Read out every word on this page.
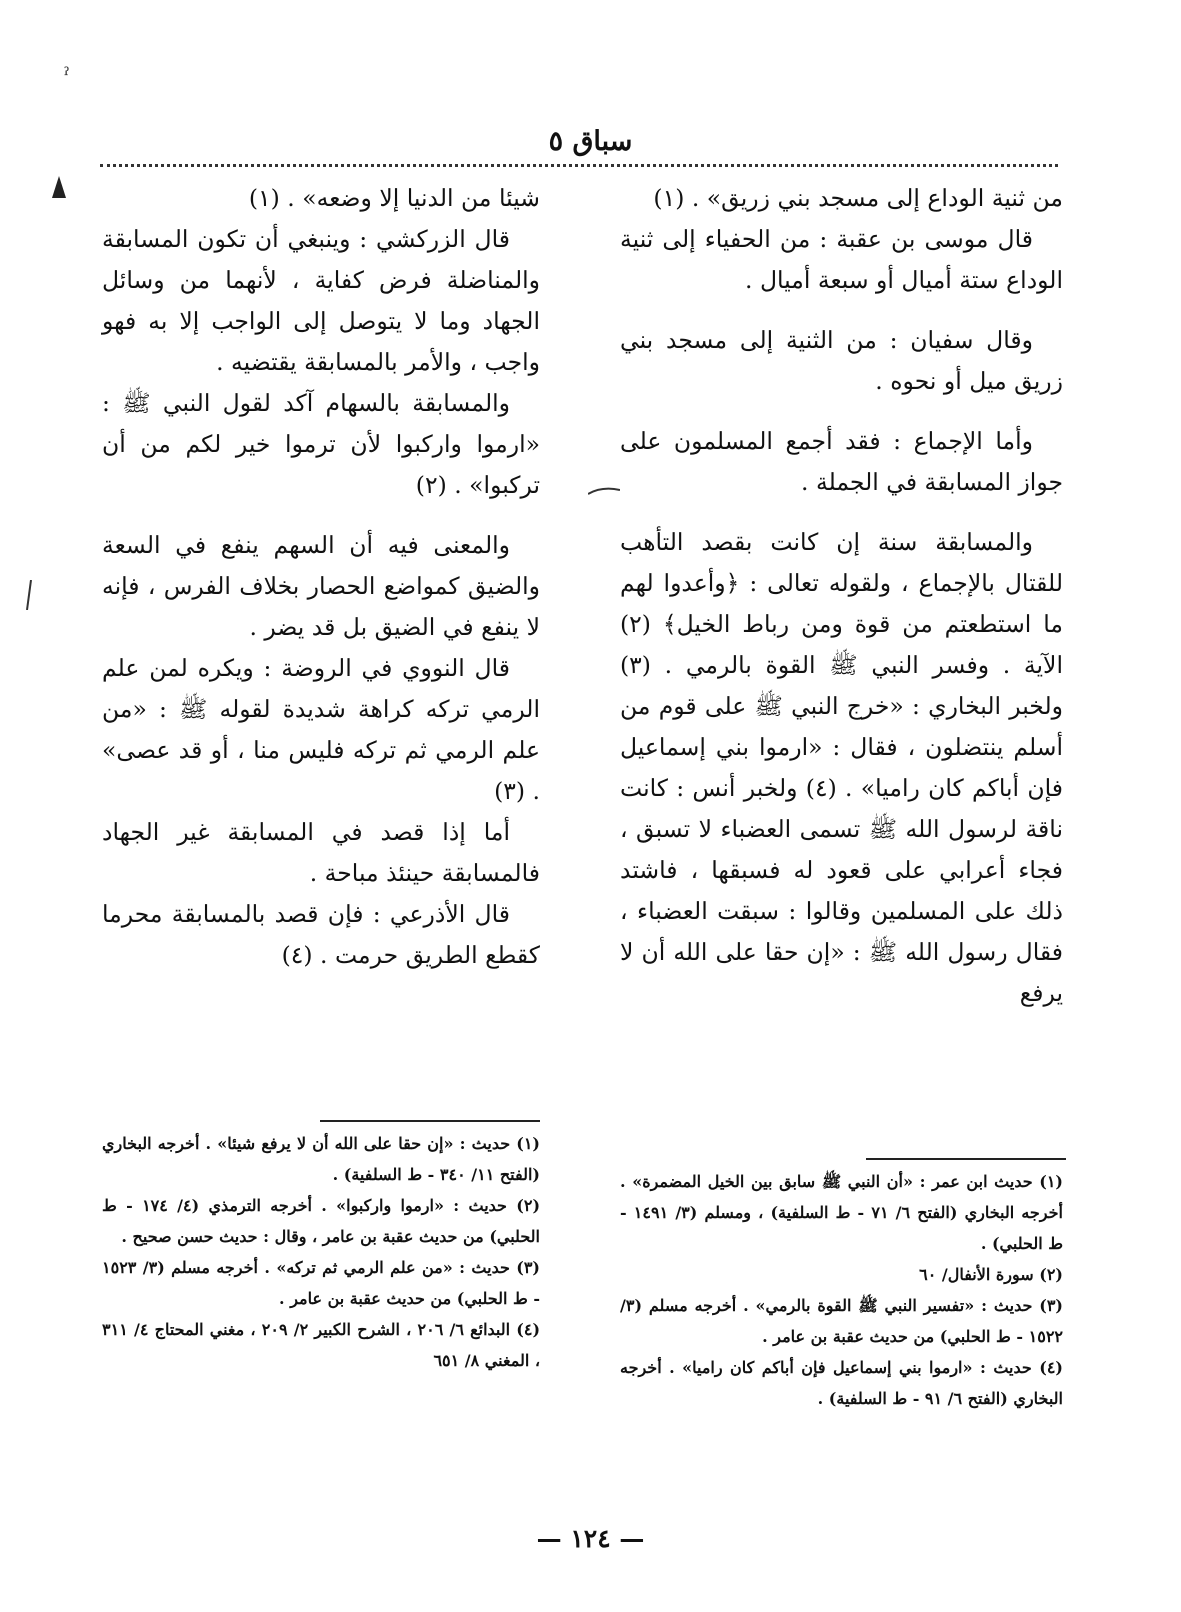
ˀ
سباق ٥

من ثنية الوداع إلى مسجد بني زريق» . (١)

قال موسى بن عقبة : من الحفياء إلى ثنية الوداع ستة أميال أو سبعة أميال .

وقال سفيان : من الثنية إلى مسجد بني زريق ميل أو نحوه .

وأما الإجماع : فقد أجمع المسلمون على جواز المسابقة في الجملة .

والمسابقة سنة إن كانت بقصد التأهب للقتال بالإجماع ، ولقوله تعالى : ﴿وأعدوا لهم ما استطعتم من قوة ومن رباط الخيل﴾ (٢) الآية . وفسر النبي ﷺ القوة بالرمي . (٣) ولخبر البخاري : «خرج النبي ﷺ على قوم من أسلم ينتضلون ، فقال : «ارموا بني إسماعيل فإن أباكم كان راميا» . (٤) ولخبر أنس : كانت ناقة لرسول الله ﷺ تسمى العضباء لا تسبق ، فجاء أعرابي على قعود له فسبقها ، فاشتد ذلك على المسلمين وقالوا : سبقت العضباء ، فقال رسول الله ﷺ : «إن حقا على الله أن لا يرفع

شيئا من الدنيا إلا وضعه» . (١)

قال الزركشي : وينبغي أن تكون المسابقة والمناضلة فرض كفاية ، لأنهما من وسائل الجهاد وما لا يتوصل إلى الواجب إلا به فهو واجب ، والأمر بالمسابقة يقتضيه .

والمسابقة بالسهام آكد لقول النبي ﷺ : «ارموا واركبوا لأن ترموا خير لكم من أن تركبوا» . (٢)

والمعنى فيه أن السهم ينفع في السعة والضيق كمواضع الحصار بخلاف الفرس ، فإنه لا ينفع في الضيق بل قد يضر .

قال النووي في الروضة : ويكره لمن علم الرمي تركه كراهة شديدة لقوله ﷺ : «من علم الرمي ثم تركه فليس منا ، أو قد عصى» . (٣)

أما إذا قصد في المسابقة غير الجهاد فالمسابقة حينئذ مباحة .

قال الأذرعي : فإن قصد بالمسابقة محرما كقطع الطريق حرمت . (٤)

(١) حديث ابن عمر : «أن النبي ﷺ سابق بين الخيل المضمرة» . أخرجه البخاري (الفتح ٦/ ٧١ - ط السلفية) ، ومسلم (٣/ ١٤٩١ - ط الحلبي) .
(٢) سورة الأنفال/ ٦٠
(٣) حديث : «تفسير النبي ﷺ القوة بالرمي» . أخرجه مسلم (٣/ ١٥٢٢ - ط الحلبي) من حديث عقبة بن عامر .
(٤) حديث : «ارموا بني إسماعيل فإن أباكم كان راميا» . أخرجه البخاري (الفتح ٦/ ٩١ - ط السلفية) .
(١) حديث : «إن حقا على الله أن لا يرفع شيئا» . أخرجه البخاري (الفتح ١١/ ٣٤٠ - ط السلفية) .
(٢) حديث : «ارموا واركبوا» . أخرجه الترمذي (٤/ ١٧٤ - ط الحلبي) من حديث عقبة بن عامر ، وقال : حديث حسن صحيح .
(٣) حديث : «من علم الرمي ثم تركه» . أخرجه مسلم (٣/ ١٥٢٣ - ط الحلبي) من حديث عقبة بن عامر .
(٤) البدائع ٦/ ٢٠٦ ، الشرح الكبير ٢/ ٢٠٩ ، مغني المحتاج ٤/ ٣١١ ، المغني ٨/ ٦٥١
— ١٢٤ —
